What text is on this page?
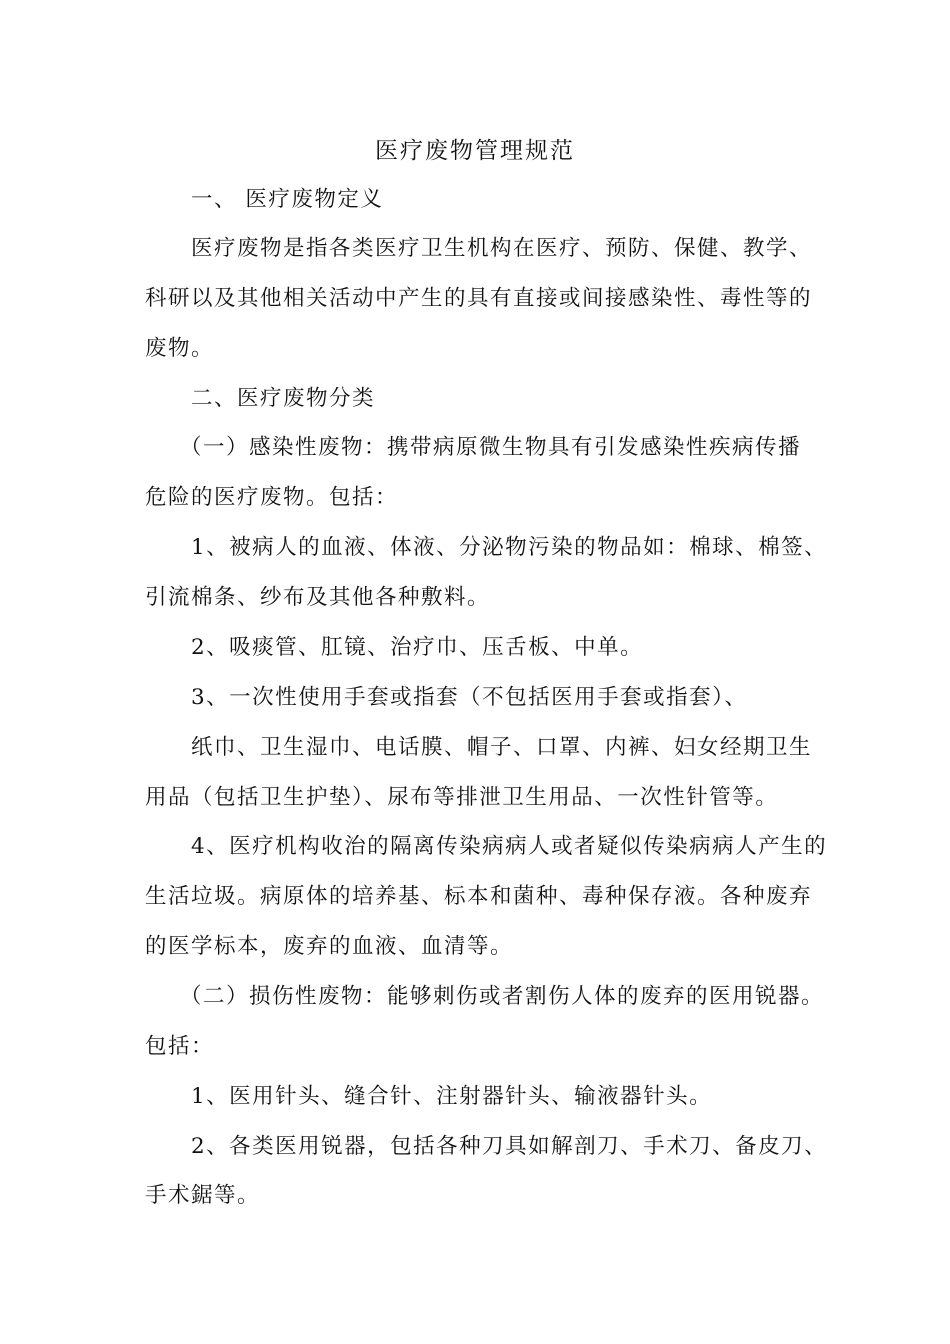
医疗废物管理规范
一、 医疗废物定义
医疗废物是指各类医疗卫生机构在医疗、预防、保健、教学、
科研以及其他相关活动中产生的具有直接或间接感染性、毒性等的
废物。
二、医疗废物分类
（一）感染性废物：携带病原微生物具有引发感染性疾病传播
危险的医疗废物。包括：
1、被病人的血液、体液、分泌物污染的物品如：棉球、棉签、
引流棉条、纱布及其他各种敷料。
2、吸痰管、肛镜、治疗巾、压舌板、中单。
3、一次性使用手套或指套（不包括医用手套或指套）、
纸巾、卫生湿巾、电话膜、帽子、口罩、内裤、妇女经期卫生
用品（包括卫生护垫）、尿布等排泄卫生用品、一次性针管等。
4、医疗机构收治的隔离传染病病人或者疑似传染病病人产生的
生活垃圾。病原体的培养基、标本和菌种、毒种保存液。各种废弃
的医学标本，废弃的血液、血清等。
（二）损伤性废物：能够刺伤或者割伤人体的废弃的医用锐器。
包括：
1、医用针头、缝合针、注射器针头、输液器针头。
2、各类医用锐器，包括各种刀具如解剖刀、手术刀、备皮刀、
手术鋸等。
